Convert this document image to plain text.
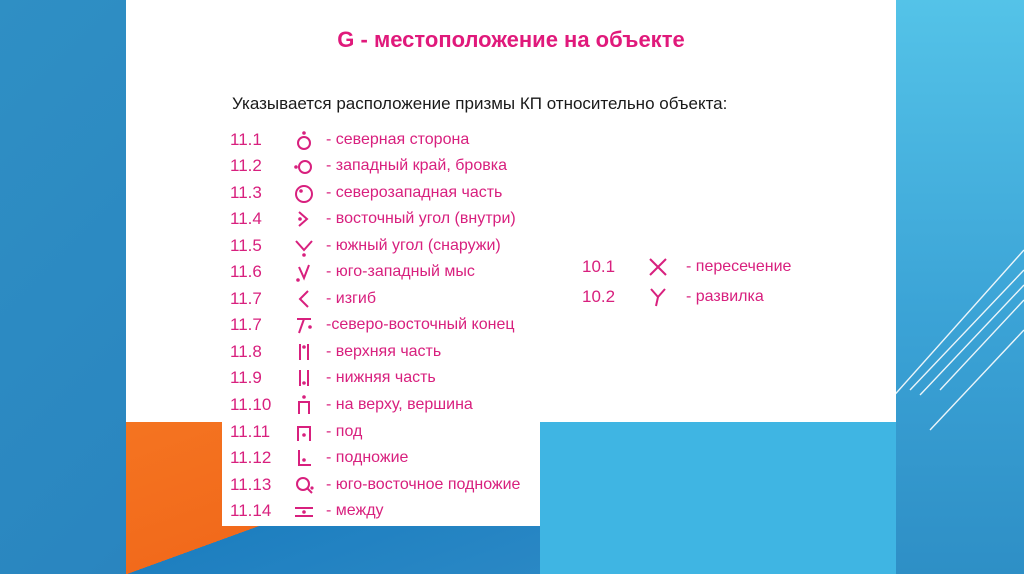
G - местоположение на объекте
Указывается расположение призмы КП относительно объекта:
11.1	- северная сторона
11.2	- западный край, бровка
11.3	- северозападная часть
11.4	- восточный угол (внутри)
11.5	- южный угол (снаружи)
11.6	- юго-западный мыс
11.7	- изгиб
11.7	-северо-восточный конец
11.8	- верхняя часть
11.9	- нижняя часть
11.10	- на верху, вершина
11.11	- под
11.12	- подножие
11.13	- юго-восточное подножие
11.14	- между
10.1	- пересечение
10.2	- развилка
